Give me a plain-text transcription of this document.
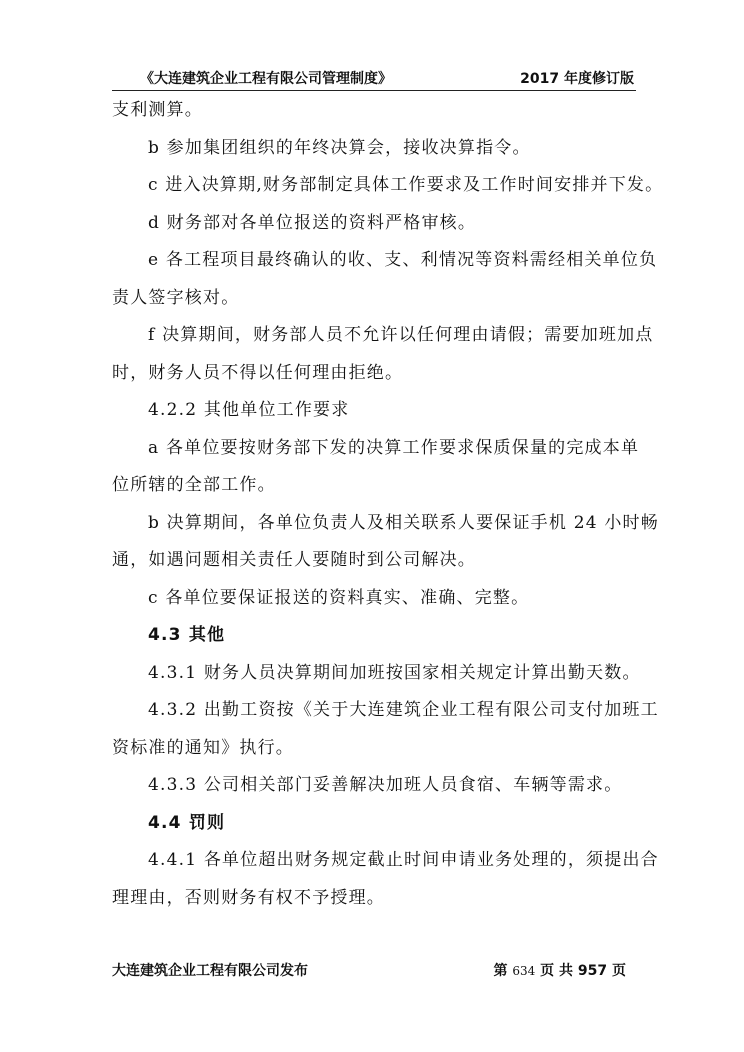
《大连建筑企业工程有限公司管理制度》	2017 年度修订版
支利测算。
b 参加集团组织的年终决算会，接收决算指令。
c 进入决算期,财务部制定具体工作要求及工作时间安排并下发。
d 财务部对各单位报送的资料严格审核。
e 各工程项目最终确认的收、支、利情况等资料需经相关单位负
责人签字核对。
f 决算期间，财务部人员不允许以任何理由请假；需要加班加点
时，财务人员不得以任何理由拒绝。
4.2.2 其他单位工作要求
a 各单位要按财务部下发的决算工作要求保质保量的完成本单
位所辖的全部工作。
b 决算期间，各单位负责人及相关联系人要保证手机 24 小时畅
通，如遇问题相关责任人要随时到公司解决。
c 各单位要保证报送的资料真实、准确、完整。
4.3 其他
4.3.1 财务人员决算期间加班按国家相关规定计算出勤天数。
4.3.2 出勤工资按《关于大连建筑企业工程有限公司支付加班工
资标准的通知》执行。
4.3.3 公司相关部门妥善解决加班人员食宿、车辆等需求。
4.4 罚则
4.4.1 各单位超出财务规定截止时间申请业务处理的，须提出合
理理由，否则财务有权不予授理。
大连建筑企业工程有限公司发布	第 634 页 共 957 页
